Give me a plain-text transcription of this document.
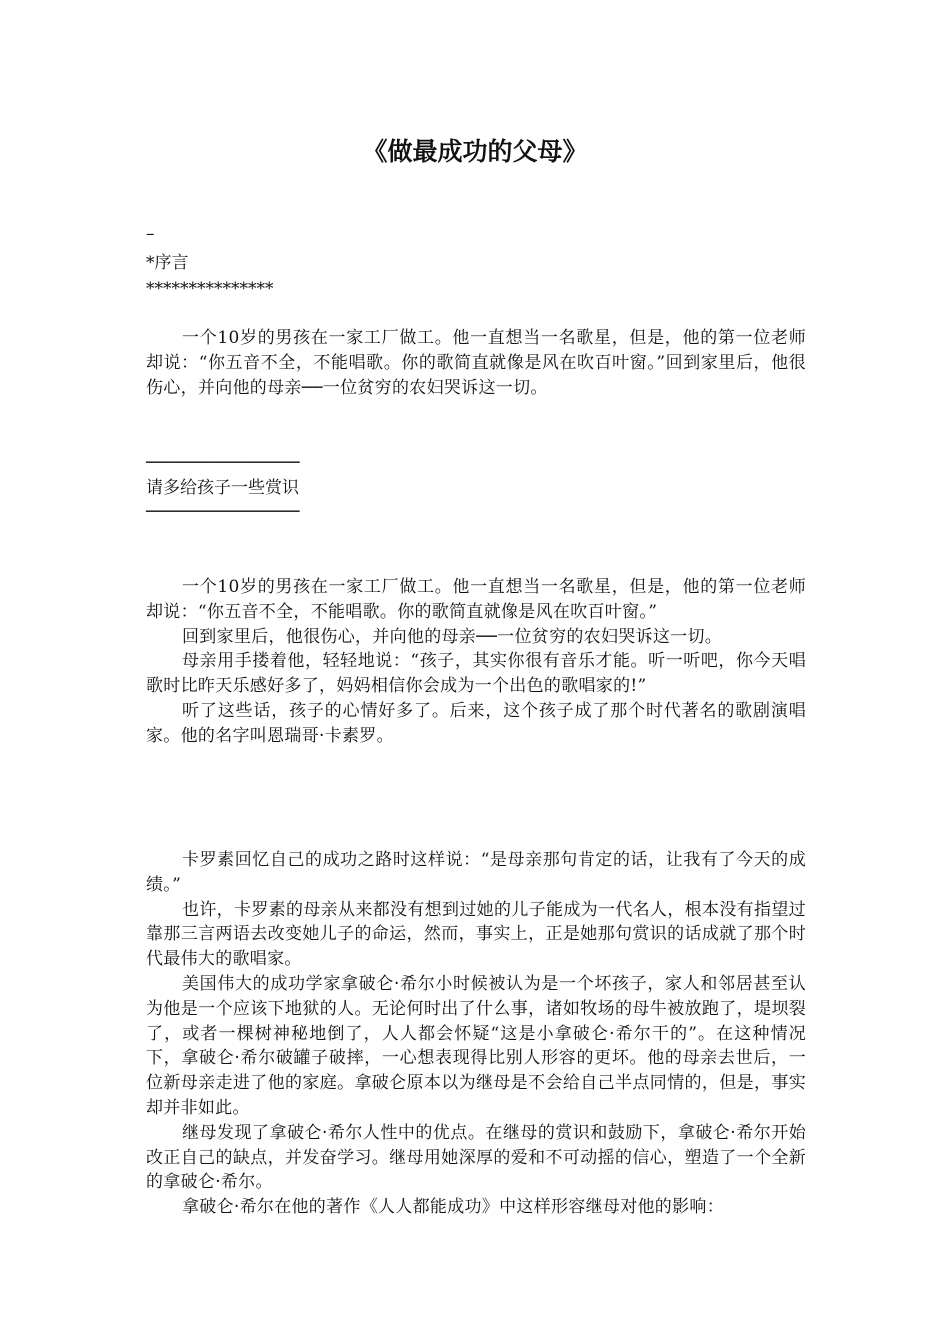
《做最成功的父母》
–
*序言
***************

一个10岁的男孩在一家工厂做工。他一直想当一名歌星，但是，他的第一位老师却说：“你五音不全，不能唱歌。你的歌简直就像是风在吹百叶窗。”回到家里后，他很伤心，并向他的母亲──一位贫穷的农妇哭诉这一切。

───────────────
请多给孩子一些赏识
───────────────

一个10岁的男孩在一家工厂做工。他一直想当一名歌星，但是，他的第一位老师却说：“你五音不全，不能唱歌。你的歌简直就像是风在吹百叶窗。”

回到家里后，他很伤心，并向他的母亲──一位贫穷的农妇哭诉这一切。

母亲用手搂着他，轻轻地说：“孩子，其实你很有音乐才能。听一听吧，你今天唱歌时比昨天乐感好多了，妈妈相信你会成为一个出色的歌唱家的!”

听了这些话，孩子的心情好多了。后来，这个孩子成了那个时代著名的歌剧演唱家。他的名字叫恩瑞哥·卡素罗。

卡罗素回忆自己的成功之路时这样说：“是母亲那句肯定的话，让我有了今天的成绩。”

也许，卡罗素的母亲从来都没有想到过她的儿子能成为一代名人，根本没有指望过靠那三言两语去改变她儿子的命运，然而，事实上，正是她那句赏识的话成就了那个时代最伟大的歌唱家。

美国伟大的成功学家拿破仑·希尔小时候被认为是一个坏孩子，家人和邻居甚至认为他是一个应该下地狱的人。无论何时出了什么事，诸如牧场的母牛被放跑了，堤坝裂了，或者一棵树神秘地倒了，人人都会怀疑“这是小拿破仑·希尔干的”。在这种情况下，拿破仑·希尔破罐子破摔，一心想表现得比别人形容的更坏。他的母亲去世后，一位新母亲走进了他的家庭。拿破仑原本以为继母是不会给自己半点同情的，但是，事实却并非如此。

继母发现了拿破仑·希尔人性中的优点。在继母的赏识和鼓励下，拿破仑·希尔开始改正自己的缺点，并发奋学习。继母用她深厚的爱和不可动摇的信心，塑造了一个全新的拿破仑·希尔。

拿破仑·希尔在他的著作《人人都能成功》中这样形容继母对他的影响：
